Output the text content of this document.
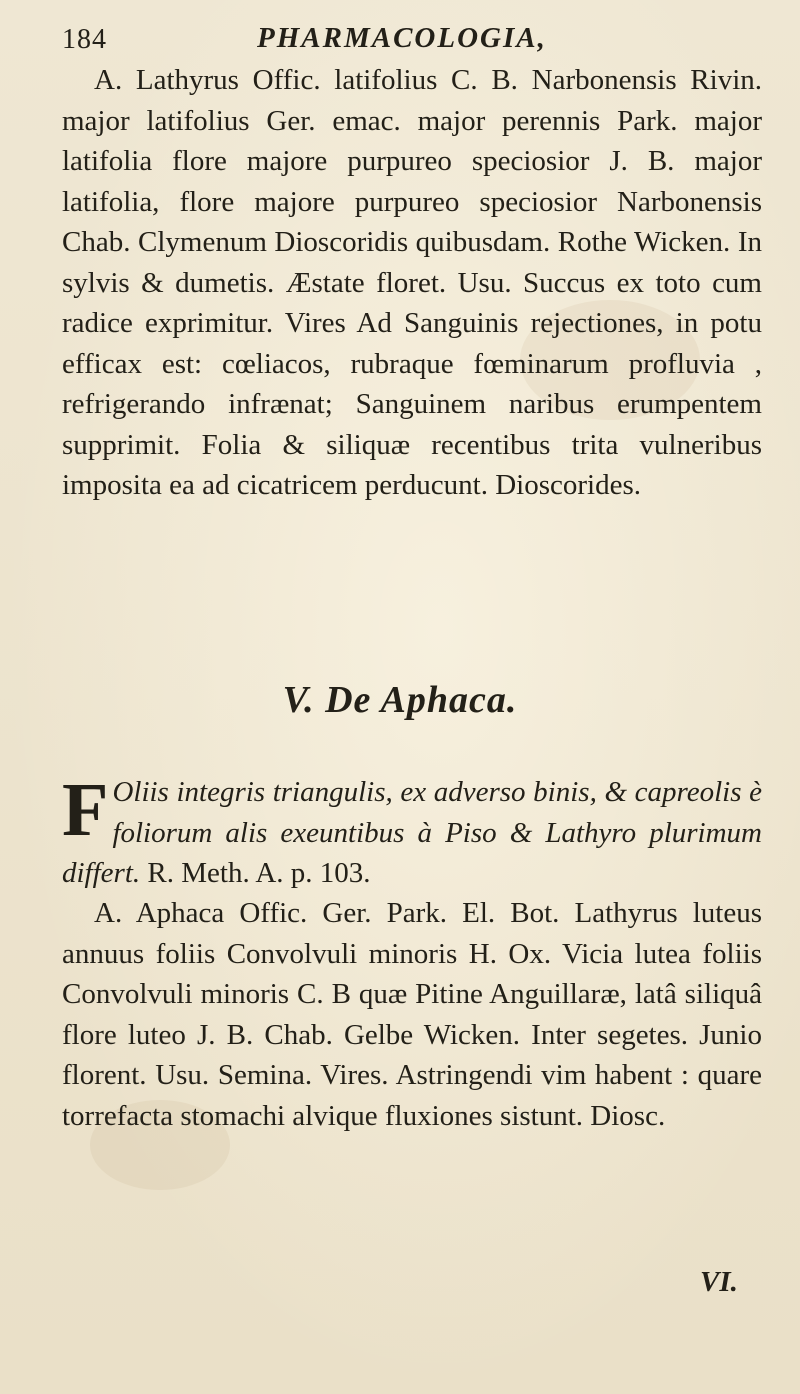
184	PHARMACOLOGIA,
A. Lathyrus Offic. latifolius C. B. Narbonensis Rivin. major latifolius Ger. emac. major perennis Park. major latifolia flore majore purpureo speciosior J. B. major latifolia, flore majore purpureo speciosior Narbonensis Chab. Clymenum Dioscoridis quibusdam. Rothe Wicken. In sylvis & dumetis. Æstate floret. Usu. Succus ex toto cum radice exprimitur. Vires Ad Sanguinis rejectiones, in potu efficax est: cœliacos, rubraque fœminarum profluvia , refrigerando infrænat; Sanguinem naribus erumpentem supprimit. Folia & siliquæ recentibus trita vulneribus imposita ea ad cicatricem perducunt. Dioscorides.
V. De Aphaca.
F Oliis integris triangulis, ex adverso binis, & capreolis è foliorum alis exeuntibus à Piso & Lathyro plurimum differt. R. Meth. A. p. 103.
A. Aphaca Offic. Ger. Park. El. Bot. Lathyrus luteus annuus foliis Convolvuli minoris H. Ox. Vicia lutea foliis Convolvuli minoris C. B quæ Pitine Anguillaræ, latâ siliquâ flore luteo J. B. Chab. Gelbe Wicken. Inter segetes. Junio florent. Usu. Semina. Vires. Astringendi vim habent : quare torrefacta stomachi alvique fluxiones sistunt. Diosc.
VI.
